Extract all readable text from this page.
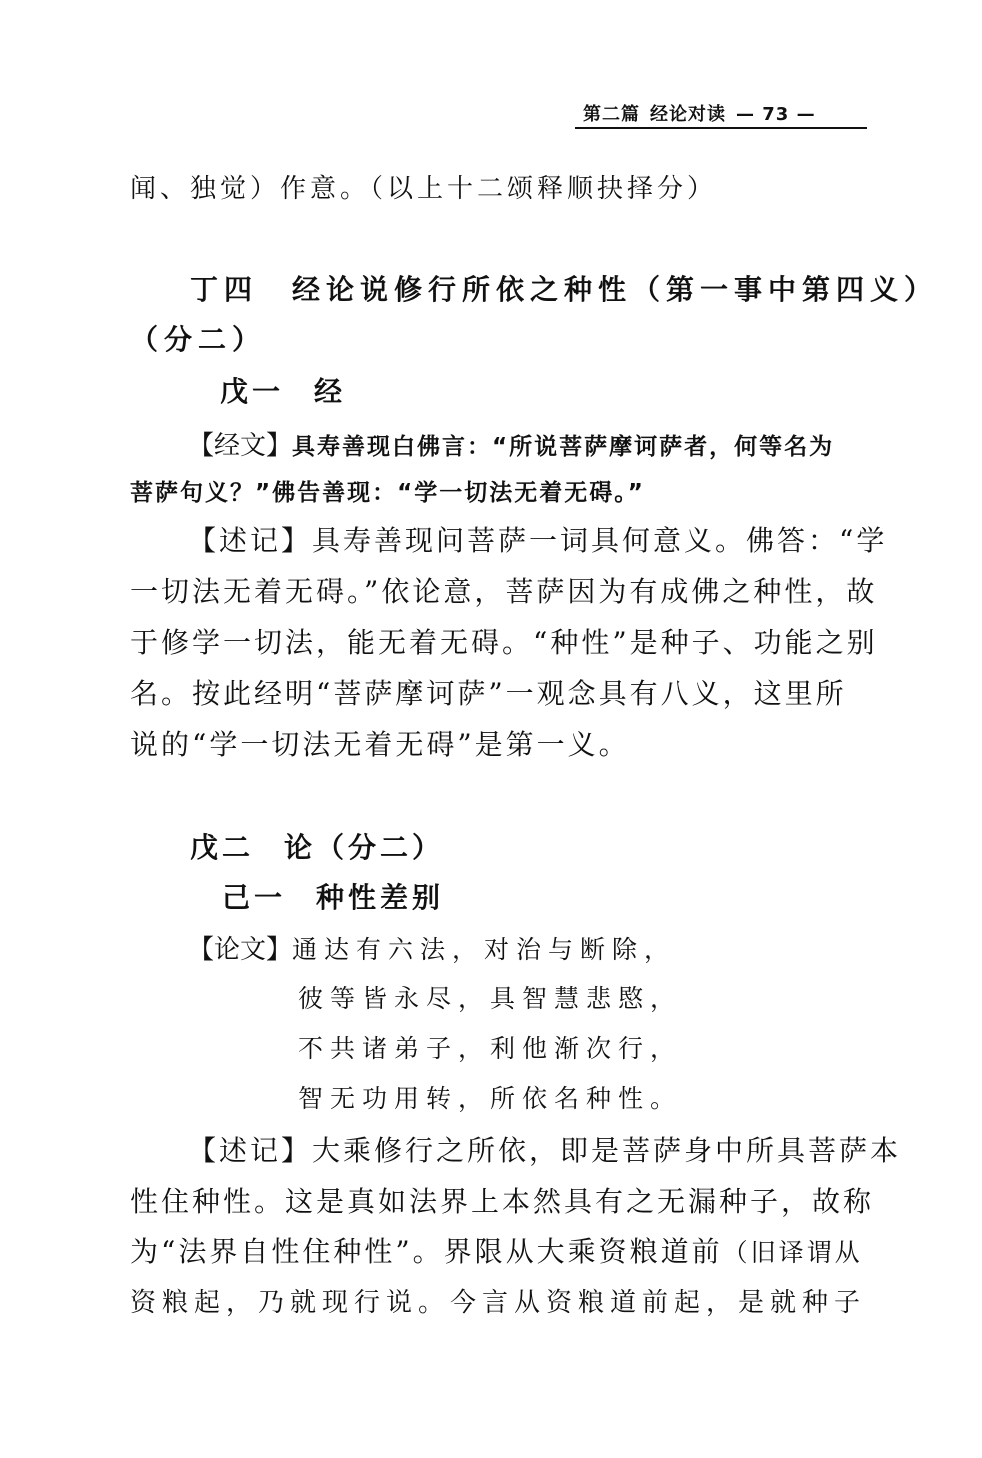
第二篇 经论对读 — 73 —
闻、独觉）作意。（以上十二颂释顺抉择分）
丁四 经论说修行所依之种性（第一事中第四义）
（分二）
戊一 经
【经文】具寿善现白佛言：“所说菩萨摩诃萨者，何等名为
菩萨句义？”佛告善现：“学一切法无着无碍。”
【述记】具寿善现问菩萨一词具何意义。佛答：“学
一切法无着无碍。”依论意，菩萨因为有成佛之种性，故
于修学一切法，能无着无碍。“种性”是种子、功能之别
名。按此经明“菩萨摩诃萨”一观念具有八义，这里所
说的“学一切法无着无碍”是第一义。
戊二 论（分二）
己一 种性差别
【论文】通达有六法，对治与断除，
彼等皆永尽，具智慧悲愍，
不共诸弟子，利他渐次行，
智无功用转，所依名种性。
【述记】大乘修行之所依，即是菩萨身中所具菩萨本
性住种性。这是真如法界上本然具有之无漏种子，故称
为“法界自性住种性”。界限从大乘资粮道前（旧译谓从
资粮起，乃就现行说。今言从资粮道前起，是就种子
